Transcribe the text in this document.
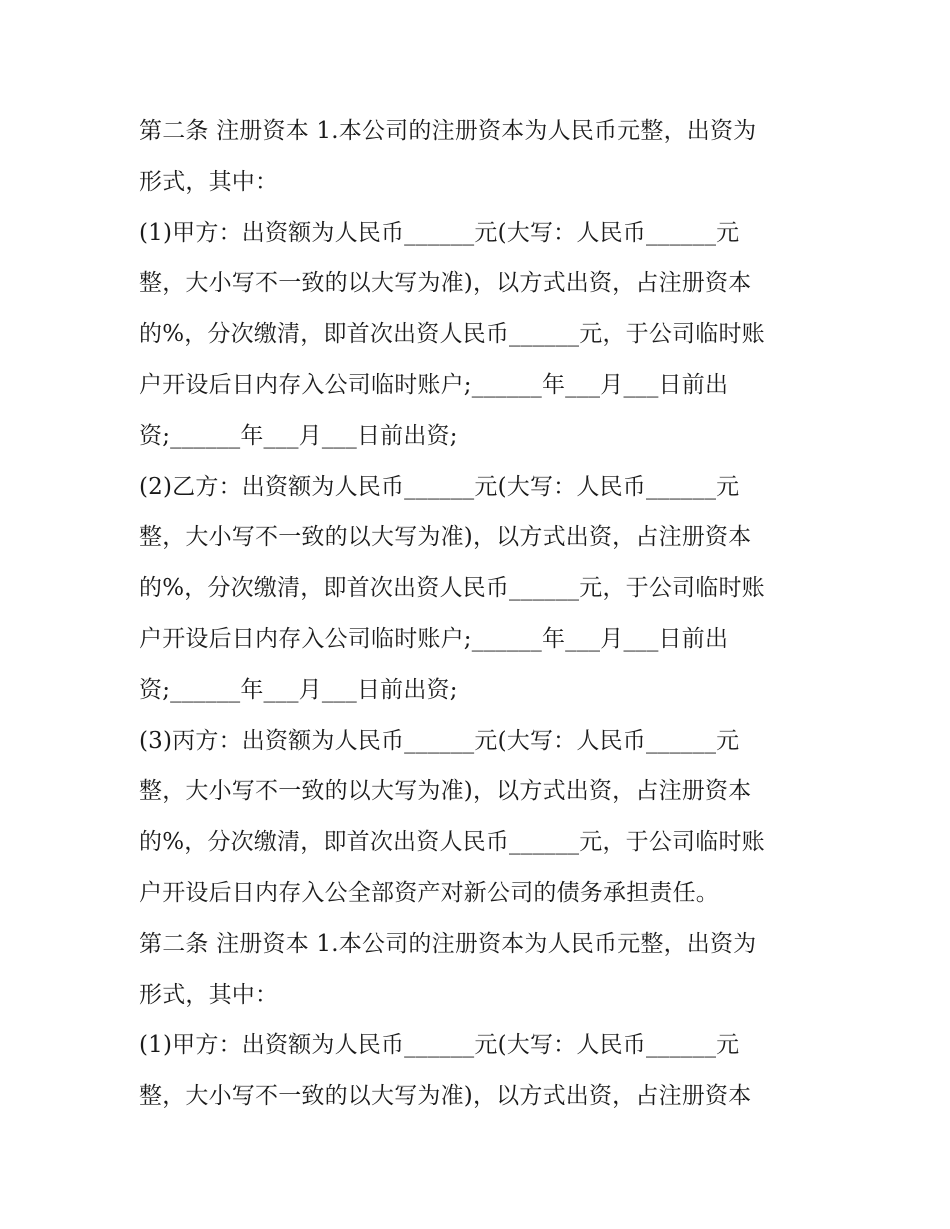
第二条 注册资本 1.本公司的注册资本为人民币元整，出资为
形式，其中：
(1)甲方：出资额为人民币______元(大写：人民币______元
整，大小写不一致的以大写为准)，以方式出资，占注册资本
的%，分次缴清，即首次出资人民币______元，于公司临时账
户开设后日内存入公司临时账户;______年___月___日前出
资;______年___月___日前出资;
(2)乙方：出资额为人民币______元(大写：人民币______元
整，大小写不一致的以大写为准)，以方式出资，占注册资本
的%，分次缴清，即首次出资人民币______元，于公司临时账
户开设后日内存入公司临时账户;______年___月___日前出
资;______年___月___日前出资;
(3)丙方：出资额为人民币______元(大写：人民币______元
整，大小写不一致的以大写为准)，以方式出资，占注册资本
的%，分次缴清，即首次出资人民币______元，于公司临时账
户开设后日内存入公全部资产对新公司的债务承担责任。
第二条 注册资本 1.本公司的注册资本为人民币元整，出资为
形式，其中：
(1)甲方：出资额为人民币______元(大写：人民币______元
整，大小写不一致的以大写为准)，以方式出资，占注册资本
